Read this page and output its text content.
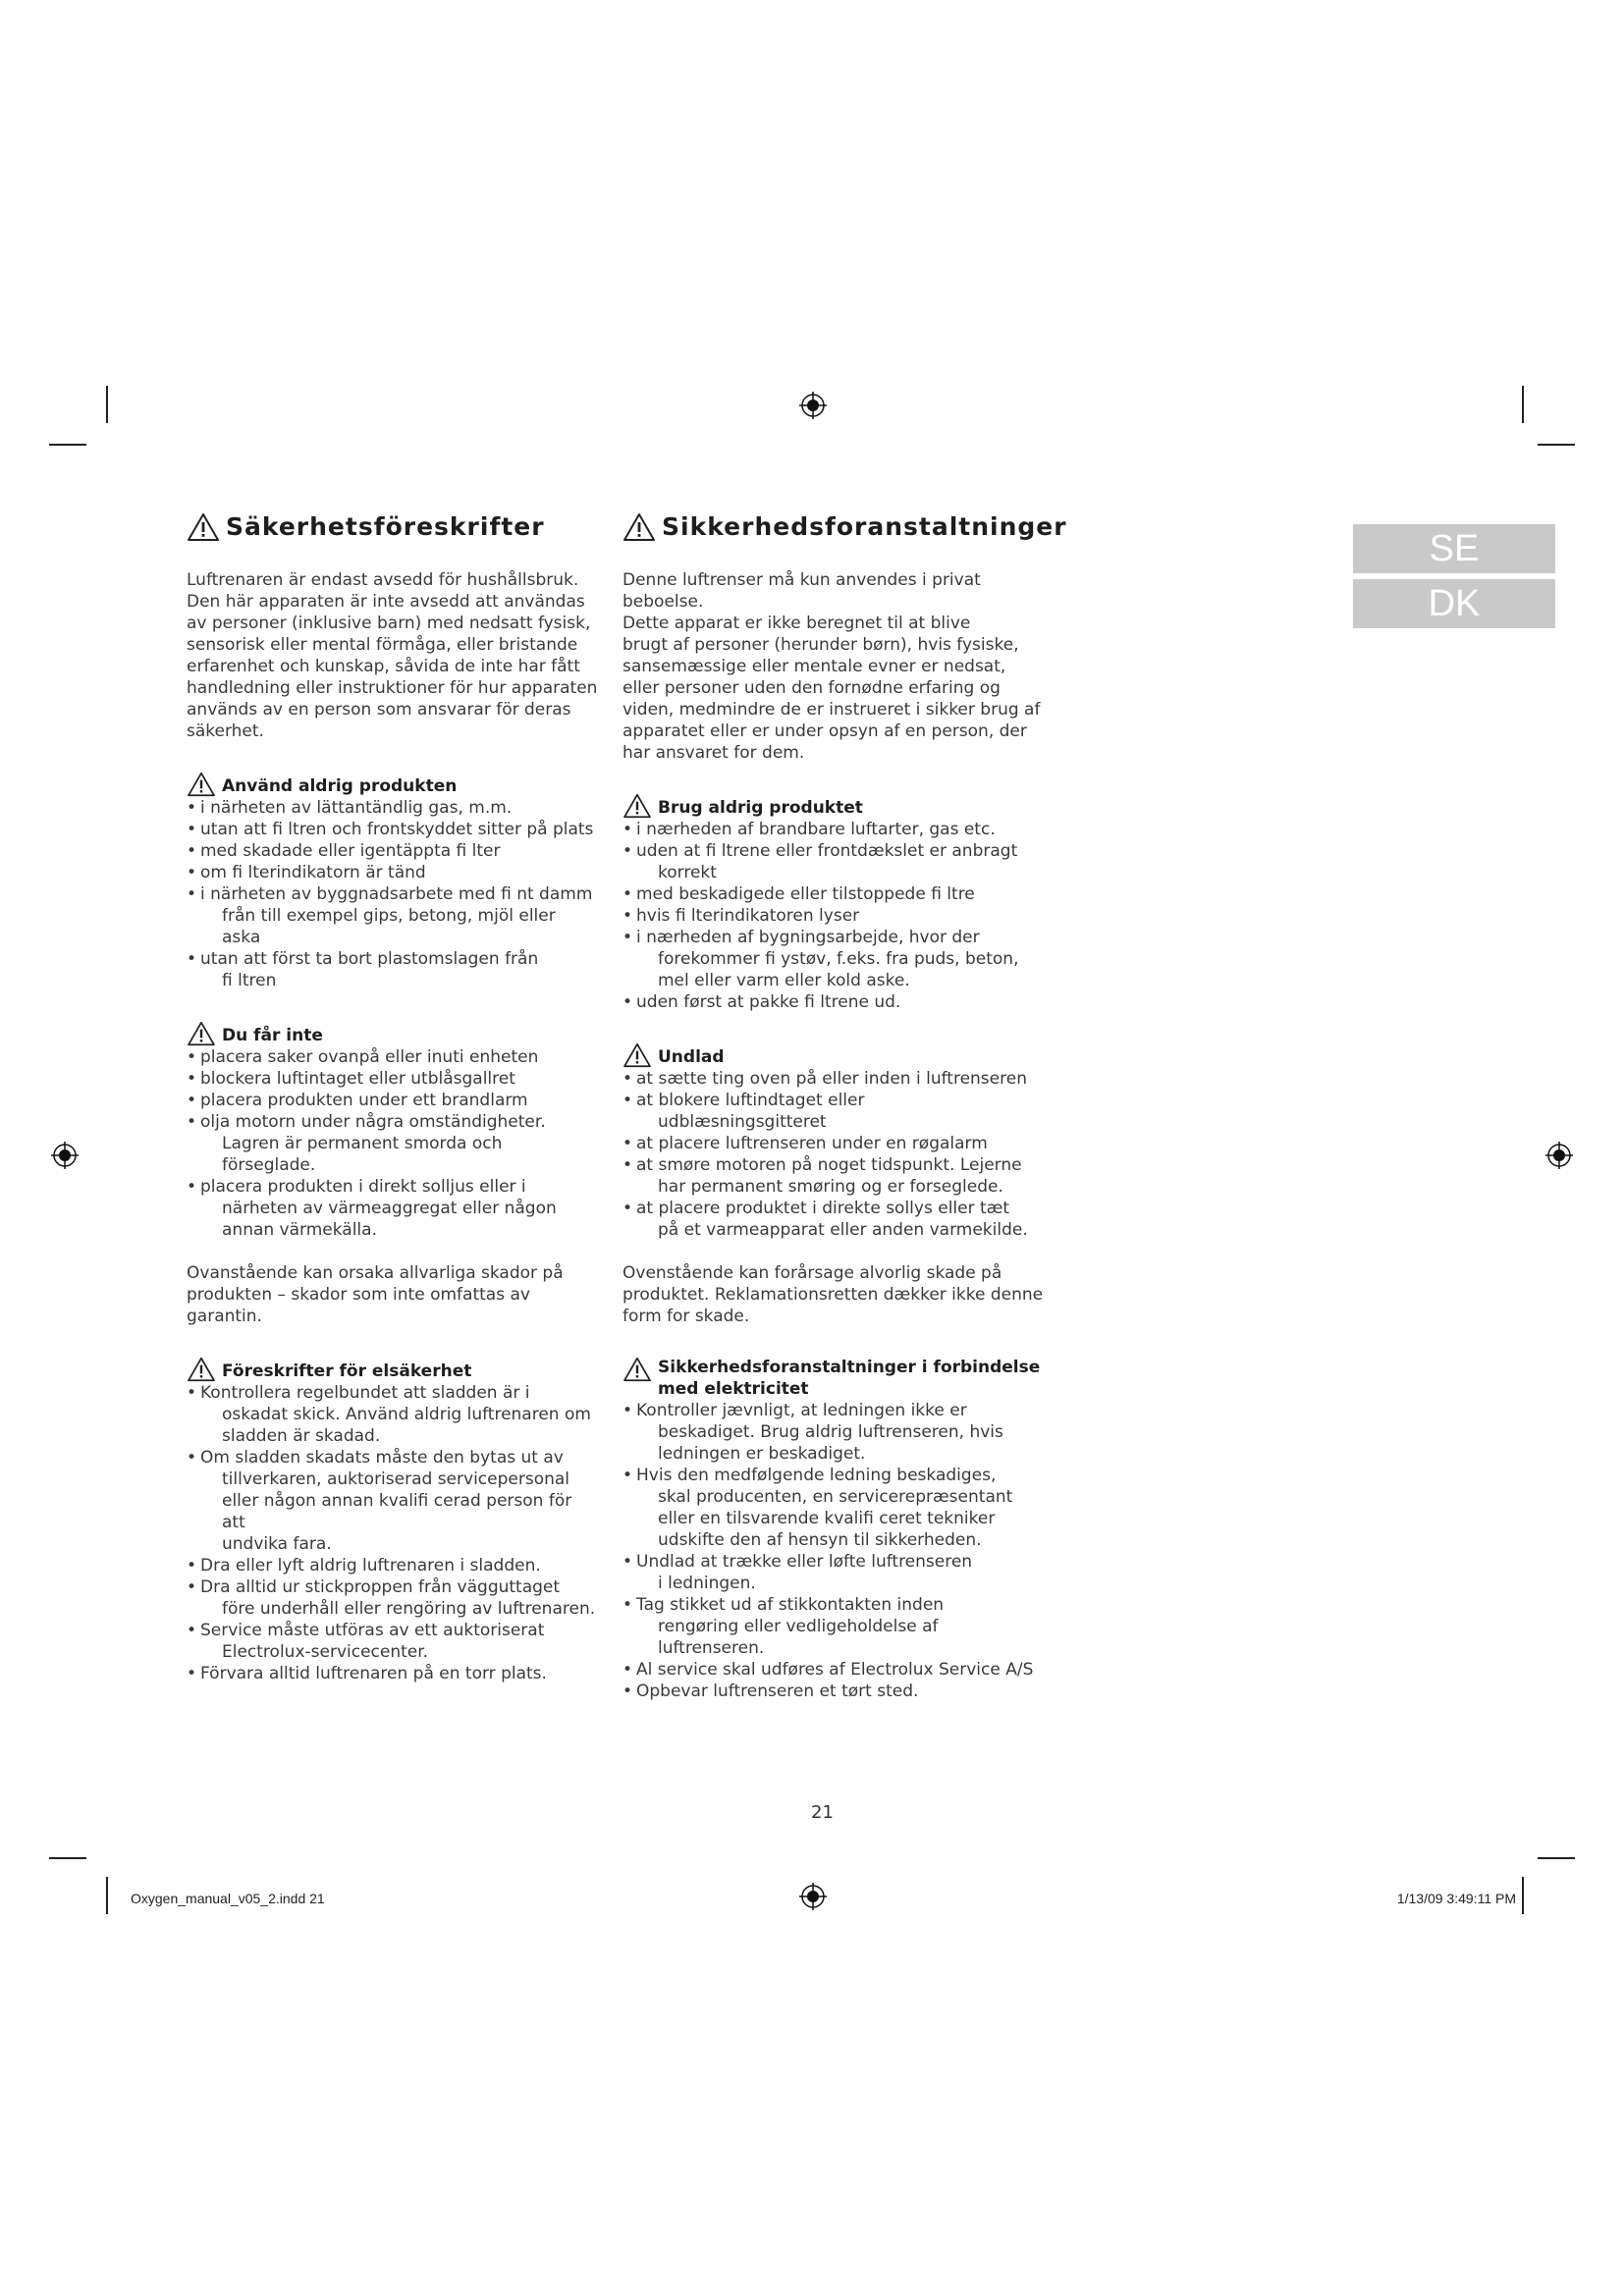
SE
DK
Säkerhetsföreskrifter

Luftrenaren är endast avsedd för hushållsbruk.

Den här apparaten är inte avsedd att användas

av personer (inklusive barn) med nedsatt fysisk,

sensorisk eller mental förmåga, eller bristande

erfarenhet och kunskap, såvida de inte har fått

handledning eller instruktioner för hur apparaten

används av en person som ansvarar för deras

säkerhet.

Använd aldrig produkten
• i närheten av lättantändlig gas, m.m.
• utan att fi ltren och frontskyddet sitter på plats
• med skadade eller igentäppta fi lter
• om fi lterindikatorn är tänd
• i närheten av byggnadsarbete med fi nt damm
från till exempel gips, betong, mjöl eller aska
• utan att först ta bort plastomslagen från
fi ltren
Du får inte
• placera saker ovanpå eller inuti enheten
• blockera luftintaget eller utblåsgallret
• placera produkten under ett brandlarm
• olja motorn under några omständigheter.
Lagren är permanent smorda och förseglade.
• placera produkten i direkt solljus eller i
närheten av värmeaggregat eller någon
annan värmekälla.

Ovanstående kan orsaka allvarliga skador på

produkten – skador som inte omfattas av garantin.

Föreskrifter för elsäkerhet
• Kontrollera regelbundet att sladden är i
oskadat skick. Använd aldrig luftrenaren om
sladden är skadad.
• Om sladden skadats måste den bytas ut av
tillverkaren, auktoriserad servicepersonal
eller någon annan kvalifi cerad person för att
undvika fara.
• Dra eller lyft aldrig luftrenaren i sladden.
• Dra alltid ur stickproppen från vägguttaget
före underhåll eller rengöring av luftrenaren.
• Service måste utföras av ett auktoriserat
Electrolux-servicecenter.
• Förvara alltid luftrenaren på en torr plats.
Sikkerhedsforanstaltninger

Denne luftrenser må kun anvendes i privat

beboelse.

Dette apparat er ikke beregnet til at blive

brugt af personer (herunder børn), hvis fysiske,

sansemæssige eller mentale evner er nedsat,

eller personer uden den fornødne erfaring og

viden, medmindre de er instrueret i sikker brug af

apparatet eller er under opsyn af en person, der

har ansvaret for dem.

Brug aldrig produktet
• i nærheden af brandbare luftarter, gas etc.
• uden at fi ltrene eller frontdækslet er anbragt
korrekt
• med beskadigede eller tilstoppede fi ltre
• hvis fi lterindikatoren lyser
• i nærheden af bygningsarbejde, hvor der
forekommer fi ystøv, f.eks. fra puds, beton,
mel eller varm eller kold aske.
• uden først at pakke fi ltrene ud.
Undlad
• at sætte ting oven på eller inden i luftrenseren
• at blokere luftindtaget eller
udblæsningsgitteret
• at placere luftrenseren under en røgalarm
• at smøre motoren på noget tidspunkt. Lejerne
har permanent smøring og er forseglede.
• at placere produktet i direkte sollys eller tæt
på et varmeapparat eller anden varmekilde.

Ovenstående kan forårsage alvorlig skade på

produktet. Reklamationsretten dækker ikke denne

form for skade.

Sikkerhedsforanstaltninger i forbindelse
med elektricitet
• Kontroller jævnligt, at ledningen ikke er
beskadiget. Brug aldrig luftrenseren, hvis
ledningen er beskadiget.
• Hvis den medfølgende ledning beskadiges,
skal producenten, en servicerepræsentant
eller en tilsvarende kvalifi ceret tekniker
udskifte den af hensyn til sikkerheden.
• Undlad at trække eller løfte luftrenseren
i ledningen.
• Tag stikket ud af stikkontakten inden
rengøring eller vedligeholdelse af
luftrenseren.
• Al service skal udføres af Electrolux Service A/S
• Opbevar luftrenseren et tørt sted.
21
Oxygen_manual_v05_2.indd 21	1/13/09 3:49:11 PM
